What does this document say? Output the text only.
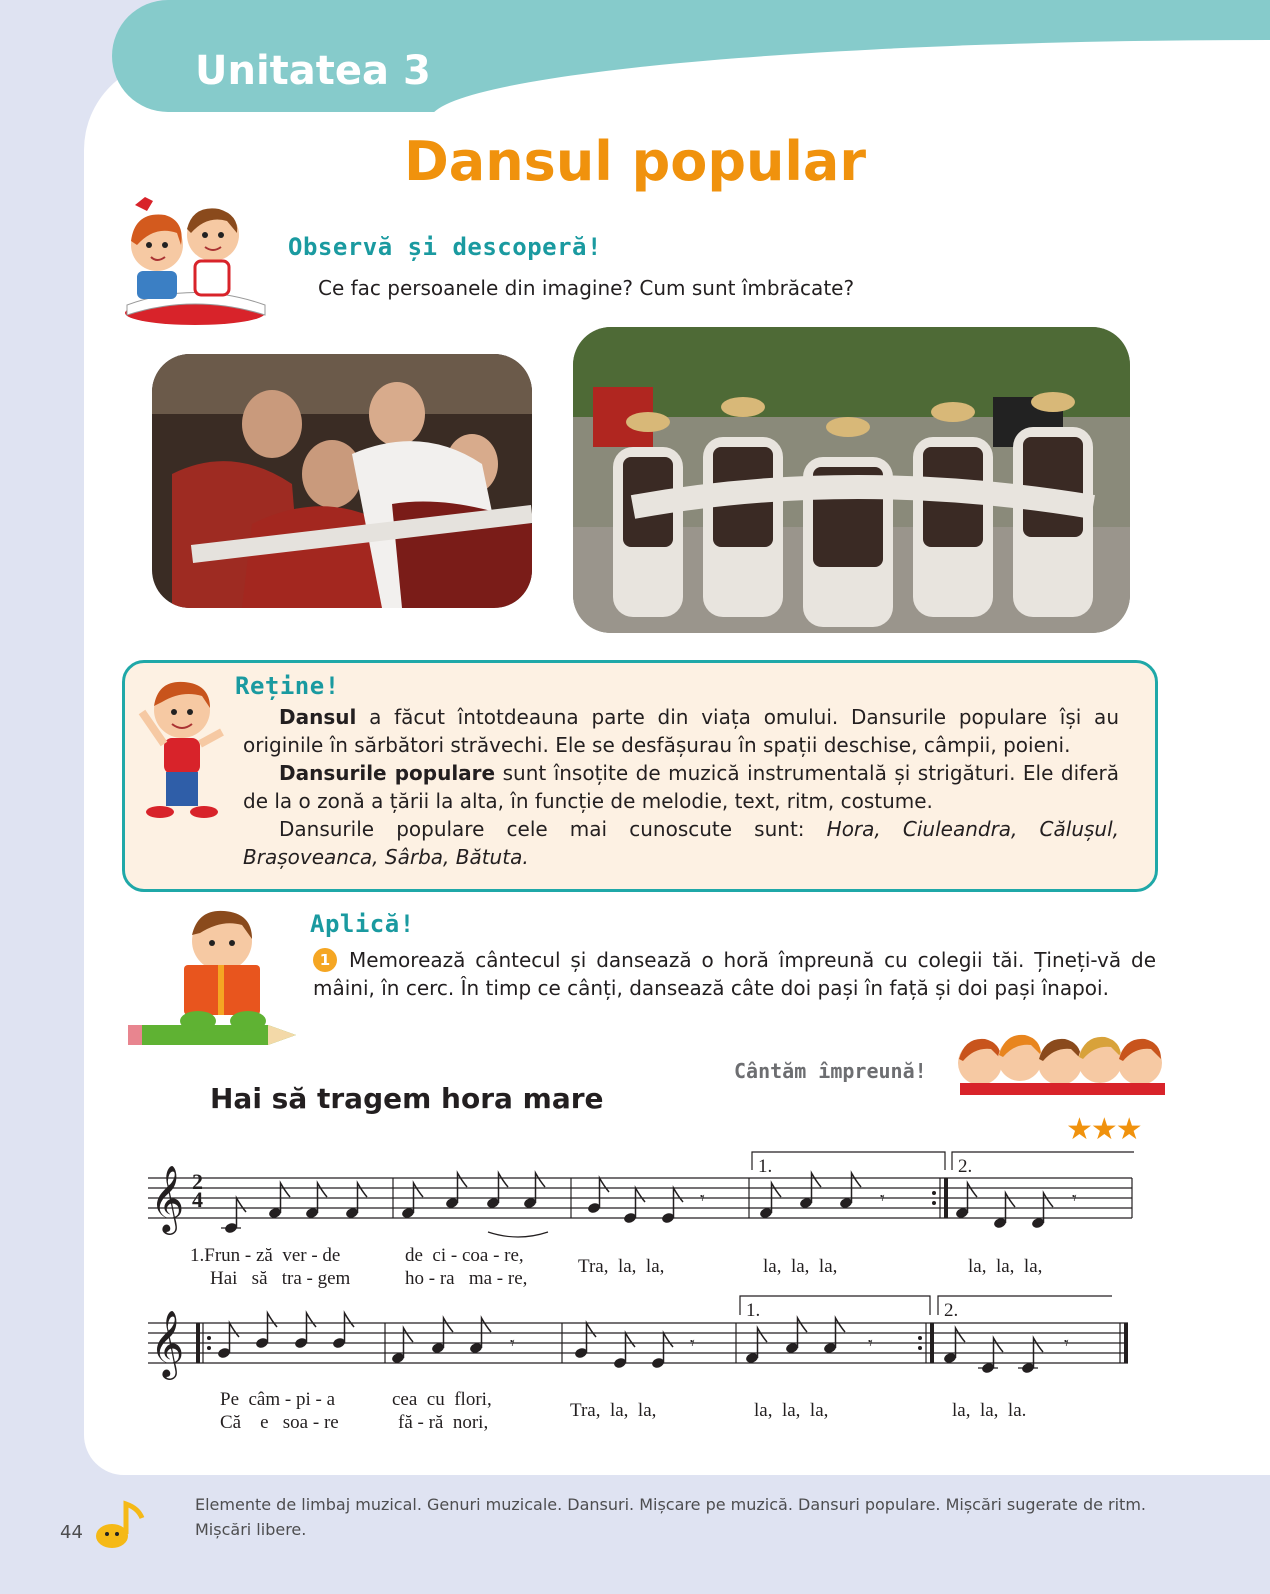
Unitatea 3
Dansul popular
Observă și descoperă!
Ce fac persoanele din imagine? Cum sunt îmbrăcate?
Reține!

Dansul a făcut întotdeauna parte din viața omului. Dansurile populare își au originile în sărbători străvechi. Ele se desfășurau în spații deschise, câmpii, poieni.

Dansurile populare sunt însoțite de muzică instrumentală și strigături. Ele diferă de la o zonă a țării la alta, în funcție de melodie, text, ritm, costume.

Dansurile populare cele mai cunoscute sunt: Hora, Ciuleandra, Călușul, Brașoveanca, Sârba, Bătuta.

Aplică!
1 Memorează cântecul și dansează o horă împreună cu colegii tăi. Țineți-vă de mâini, în cerc. În timp ce cânți, dansează câte doi pași în față și doi pași înapoi.
Cântăm împreună!
★★★
Hai să tragem hora mare
𝄞 2
4
1.	2.
𝄾	𝄾	𝄾
1.Frun - ză  ver - de	de  ci - coa - re,
Tra,  la,  la,	la,  la,  la,	la,  la,  la,
Hai   să   tra - gem	ho - ra   ma - re,
𝄞	1.	2.
𝄾	𝄾	𝄾	𝄾
Pe  câm - pi - a	cea  cu  flori,
Tra,  la,  la,	la,  la,  la,	la,  la,  la.
Că    e   soa - re	fă - ră  nori,
44
Elemente de limbaj muzical. Genuri muzicale. Dansuri. Mișcare pe muzică. Dansuri populare. Mișcări sugerate de ritm. Mișcări libere.
